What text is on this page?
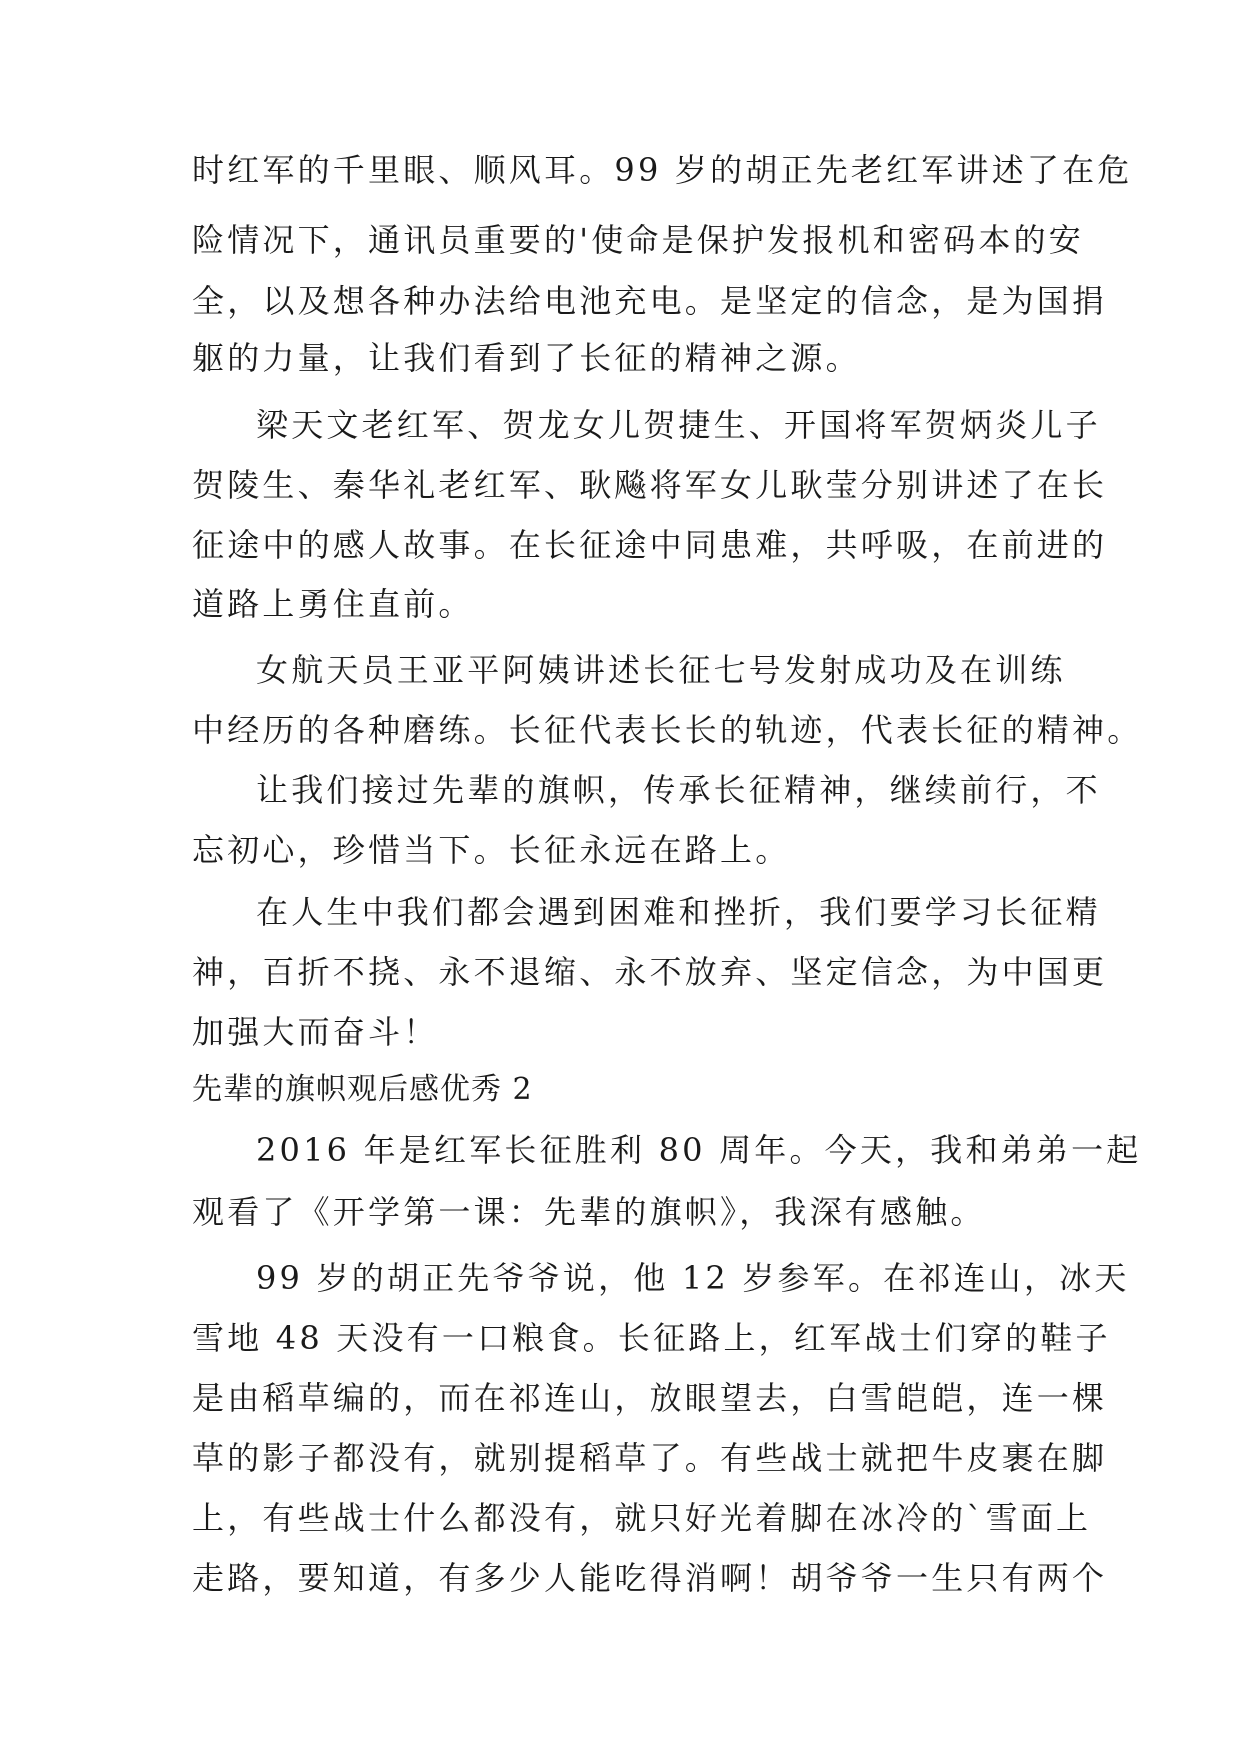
时红军的千里眼、顺风耳。99 岁的胡正先老红军讲述了在危
险情况下，通讯员重要的'使命是保护发报机和密码本的安
全，以及想各种办法给电池充电。是坚定的信念，是为国捐
躯的力量，让我们看到了长征的精神之源。
梁天文老红军、贺龙女儿贺捷生、开国将军贺炳炎儿子
贺陵生、秦华礼老红军、耿飚将军女儿耿莹分别讲述了在长
征途中的感人故事。在长征途中同患难，共呼吸，在前进的
道路上勇住直前。
女航天员王亚平阿姨讲述长征七号发射成功及在训练
中经历的各种磨练。长征代表长长的轨迹，代表长征的精神。
让我们接过先辈的旗帜，传承长征精神，继续前行，不
忘初心，珍惜当下。长征永远在路上。
在人生中我们都会遇到困难和挫折，我们要学习长征精
神，百折不挠、永不退缩、永不放弃、坚定信念，为中国更
加强大而奋斗！
先辈的旗帜观后感优秀 2
2016 年是红军长征胜利 80 周年。今天，我和弟弟一起
观看了《开学第一课：先辈的旗帜》，我深有感触。
99 岁的胡正先爷爷说，他 12 岁参军。在祁连山，冰天
雪地 48 天没有一口粮食。长征路上，红军战士们穿的鞋子
是由稻草编的，而在祁连山，放眼望去，白雪皑皑，连一棵
草的影子都没有，就别提稻草了。有些战士就把牛皮裹在脚
上，有些战士什么都没有，就只好光着脚在冰冷的`雪面上
走路，要知道，有多少人能吃得消啊！胡爷爷一生只有两个
